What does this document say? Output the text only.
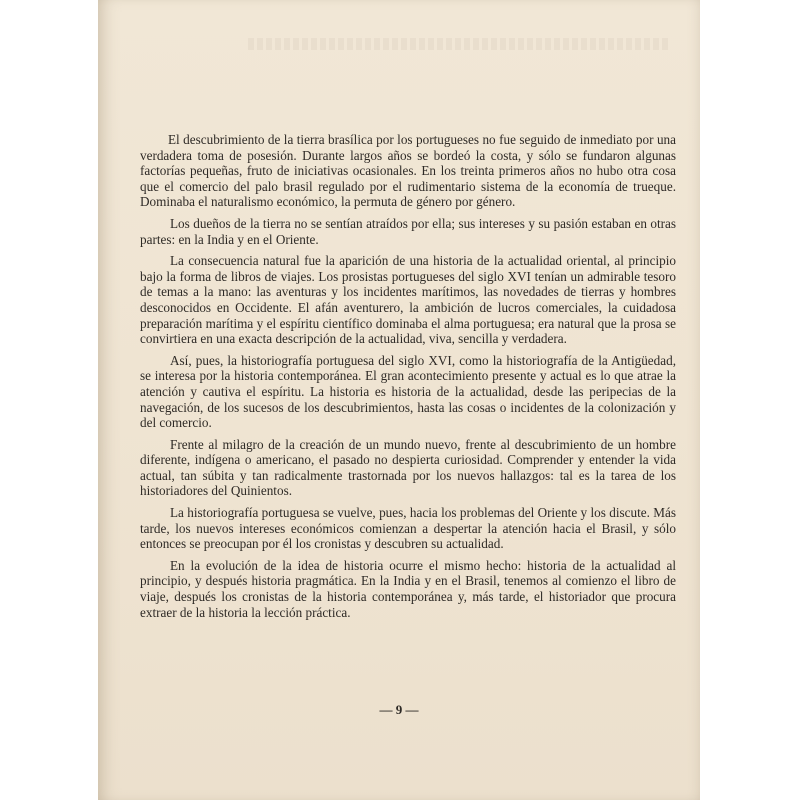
El descubrimiento de la tierra brasílica por los portugueses no fue seguido de inmediato por una verdadera toma de posesión. Durante largos años se bordeó la costa, y sólo se fundaron algunas factorías pequeñas, fruto de iniciativas ocasionales. En los treinta primeros años no hubo otra cosa que el comercio del palo brasil regulado por el rudimentario sistema de la economía de trueque. Dominaba el naturalismo económico, la permuta de género por género.

Los dueños de la tierra no se sentían atraídos por ella; sus intereses y su pasión estaban en otras partes: en la India y en el Oriente.

La consecuencia natural fue la aparición de una historia de la actualidad oriental, al principio bajo la forma de libros de viajes. Los prosistas portugueses del siglo XVI tenían un admirable tesoro de temas a la mano: las aventuras y los incidentes marítimos, las novedades de tierras y hombres desconocidos en Occidente. El afán aventurero, la ambición de lucros comerciales, la cuidadosa preparación marítima y el espíritu científico dominaba el alma portuguesa; era natural que la prosa se convirtiera en una exacta descripción de la actualidad, viva, sencilla y verdadera.

Así, pues, la historiografía portuguesa del siglo XVI, como la historiografía de la Antigüedad, se interesa por la historia contemporánea. El gran acontecimiento presente y actual es lo que atrae la atención y cautiva el espíritu. La historia es historia de la actualidad, desde las peripecias de la navegación, de los sucesos de los descubrimientos, hasta las cosas o incidentes de la colonización y del comercio.

Frente al milagro de la creación de un mundo nuevo, frente al descubrimiento de un hombre diferente, indígena o americano, el pasado no despierta curiosidad. Comprender y entender la vida actual, tan súbita y tan radicalmente trastornada por los nuevos hallazgos: tal es la tarea de los historiadores del Quinientos.

La historiografía portuguesa se vuelve, pues, hacia los problemas del Oriente y los discute. Más tarde, los nuevos intereses económicos comienzan a despertar la atención hacia el Brasil, y sólo entonces se preocupan por él los cronistas y descubren su actualidad.

En la evolución de la idea de historia ocurre el mismo hecho: historia de la actualidad al principio, y después historia pragmática. En la India y en el Brasil, tenemos al comienzo el libro de viaje, después los cronistas de la historia contemporánea y, más tarde, el historiador que procura extraer de la historia la lección práctica.

— 9 —
